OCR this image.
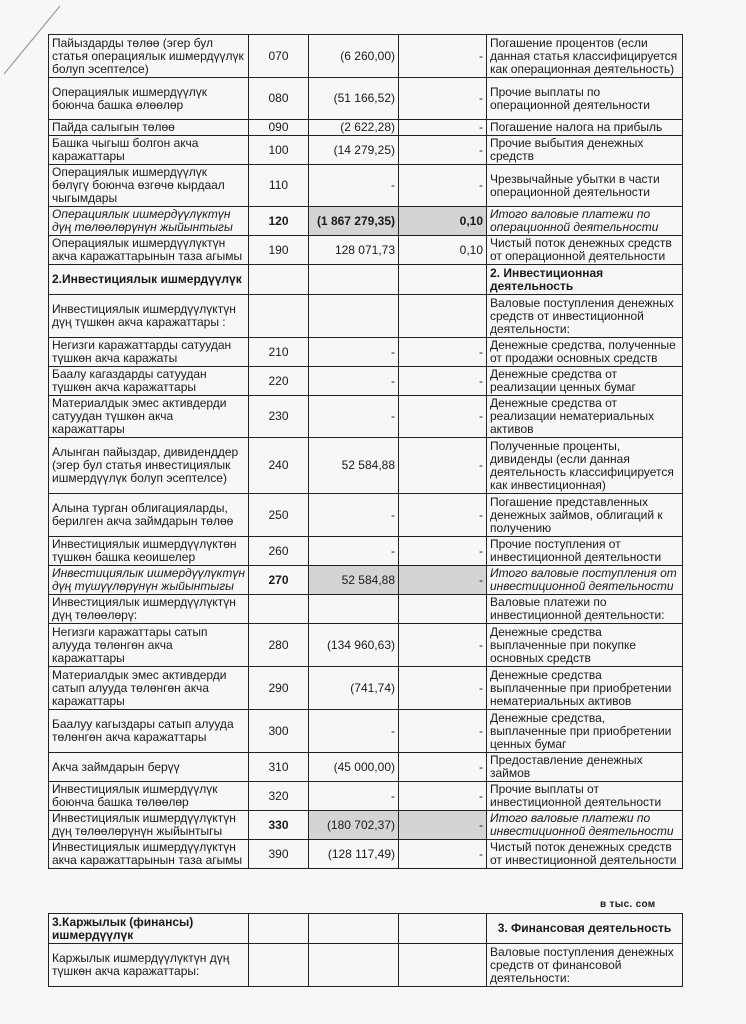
Пайыздарды төлөө (эгер бул статья операциялык ишмердүүлүк болуп эсептелсе)	070	(6 260,00)	-	Погашение процентов (если данная статья классифицируется как операционная деятельность)
Операциялык ишмердүүлүк боюнча башка өлөөлөр	080	(51 166,52)	-	Прочие выплаты по операционной деятельности
Пайда салыгын төлөө	090	(2 622,28)	-	Погашение налога на прибыль
Башка чыгыш болгон акча каражаттары	100	(14 279,25)	-	Прочие выбытия денежных средств
Операциялык ишмердүүлүк бөлүгү боюнча өзгөчө кырдаал чыгымдары	110	-	-	Чрезвычайные убытки в части операционной деятельности
Операциялык ишмердүүлүктүн дүң төлөөлөрүнүн жыйынтыгы	120	(1 867 279,35)	0,10	Итого валовые платежи по операционной деятельности
Операциялык ишмердүүлүктүн акча каражаттарынын таза агымы	190	128 071,73	0,10	Чистый поток денежных средств от операционной деятельности
2.Инвестициялык ишмердүүлүк				2. Инвестиционная деятельность
Инвестициялык ишмердүүлүктүн дүң түшкөн акча каражаттары :				Валовые поступления денежных средств от инвестиционной деятельности:
Негизги каражаттарды сатуудан түшкөн акча каражаты	210	-	-	Денежные средства, полученные от продажи основных средств
Баалу кагаздарды сатуудан түшкөн акча каражаттары	220	-	-	Денежные средства от реализации ценных бумаг
Материалдык эмес активдерди сатуудан түшкөн акча каражаттары	230	-	-	Денежные средства от реализации нематериальных активов
Алынган пайыздар, дивиденддер (эгер бул статья инвестициялык ишмердүүлүк болуп эсептелсе)	240	52 584,88	-	Полученные проценты, дивиденды (если данная деятельность классифицируется как инвестиционная)
Алына турган облигацияларды, берилген акча займдарын төлөө	250	-	-	Погашение представленных денежных займов, облигаций к получению
Инвестициялык ишмердүүлүктөн түшкөн башка кеоишелер	260	-	-	Прочие поступления от инвестиционной деятельности
Инвестициялык ишмердүүлүктүн дүң түшүүлөрүнүн жыйынтыгы	270	52 584,88	-	Итого валовые поступления от инвестиционной деятельности
Инвестициялык ишмердүүлүктүн дүң төлөөлөрү:				Валовые платежи по инвестиционной деятельности:
Негизги каражаттары сатып алууда төлөнгөн акча каражаттары	280	(134 960,63)	-	Денежные средства выплаченные при покупке основных средств
Материалдык эмес активдерди сатып алууда төлөнгөн акча каражаттары	290	(741,74)	-	Денежные средства выплаченные при приобретении нематериальных активов
Баалуу кагыздары сатып алууда төлөнгөн акча каражаттары	300	-	-	Денежные средства, выплаченные при приобретении ценных бумаг
Акча займдарын берүү	310	(45 000,00)	-	Предоставление денежных займов
Инвестициялык ишмердүүлүк боюнча башка төлөөлөр	320	-	-	Прочие выплаты от инвестиционной деятельности
Инвестициялык ишмердүүлүктүн дүң төлөөлөрүнүн жыйынтыгы	330	(180 702,37)	-	Итого валовые платежи по инвестиционной деятельности
Инвестициялык ишмердүүлүктүн акча каражаттарынын таза агымы	390	(128 117,49)	-	Чистый поток денежных средств от инвестиционной деятельности
в тыс. сом
3.Каржылык (финансы) ишмердүүлүк				3. Финансовая деятельность
Каржылык ишмердүүлүктүн дүң түшкөн акча каражаттары:				Валовые поступления денежных средств от финансовой деятельности:
